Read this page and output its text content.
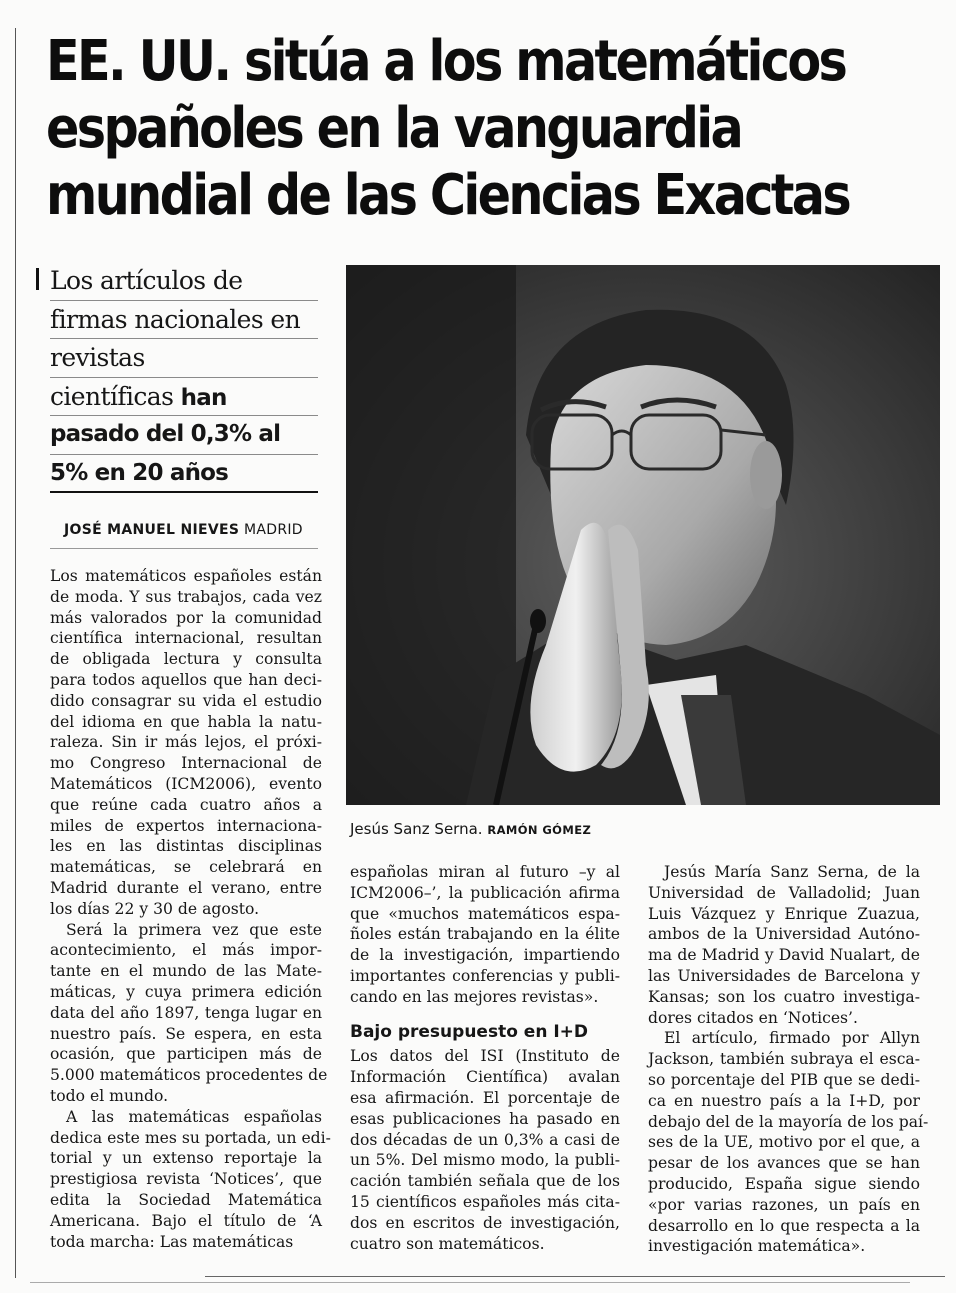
EE. UU. sitúa a los matemáticos
españoles en la vanguardia
mundial de las Ciencias Exactas
Los artículos de
firmas nacionales en
revistas
científicas han
pasado del 0,3% al
5% en 20 años
JOSÉ MANUEL NIEVES MADRID
Los matemáticos españoles están
de moda. Y sus trabajos, cada vez
más valorados por la comunidad
científica internacional, resultan
de obligada lectura y consulta
para todos aquellos que han deci-
dido consagrar su vida el estudio
del idioma en que habla la natu-
raleza. Sin ir más lejos, el próxi-
mo Congreso Internacional de
Matemáticos (ICM2006), evento
que reúne cada cuatro años a
miles de expertos internaciona-
les en las distintas disciplinas
matemáticas, se celebrará en
Madrid durante el verano, entre
los días 22 y 30 de agosto.
Será la primera vez que este
acontecimiento, el más impor-
tante en el mundo de las Mate-
máticas, y cuya primera edición
data del año 1897, tenga lugar en
nuestro país. Se espera, en esta
ocasión, que participen más de
5.000 matemáticos procedentes de
todo el mundo.
A las matemáticas españolas
dedica este mes su portada, un edi-
torial y un extenso reportaje la
prestigiosa revista ‘Notices’, que
edita la Sociedad Matemática
Americana. Bajo el título de ‘A
toda marcha: Las matemáticas
Jesús Sanz Serna. RAMÓN GÓMEZ
españolas miran al futuro –y al
ICM2006–’, la publicación afirma
que «muchos matemáticos espa-
ñoles están trabajando en la élite
de la investigación, impartiendo
importantes conferencias y publi-
cando en las mejores revistas».
Bajo presupuesto en I+D
Los datos del ISI (Instituto de
Información Científica) avalan
esa afirmación. El porcentaje de
esas publicaciones ha pasado en
dos décadas de un 0,3% a casi de
un 5%. Del mismo modo, la publi-
cación también señala que de los
15 científicos españoles más cita-
dos en escritos de investigación,
cuatro son matemáticos.
Jesús María Sanz Serna, de la
Universidad de Valladolid; Juan
Luis Vázquez y Enrique Zuazua,
ambos de la Universidad Autóno-
ma de Madrid y David Nualart, de
las Universidades de Barcelona y
Kansas; son los cuatro investiga-
dores citados en ‘Notices’.
El artículo, firmado por Allyn
Jackson, también subraya el esca-
so porcentaje del PIB que se dedi-
ca en nuestro país a la I+D, por
debajo del de la mayoría de los paí-
ses de la UE, motivo por el que, a
pesar de los avances que se han
producido, España sigue siendo
«por varias razones, un país en
desarrollo en lo que respecta a la
investigación matemática».
